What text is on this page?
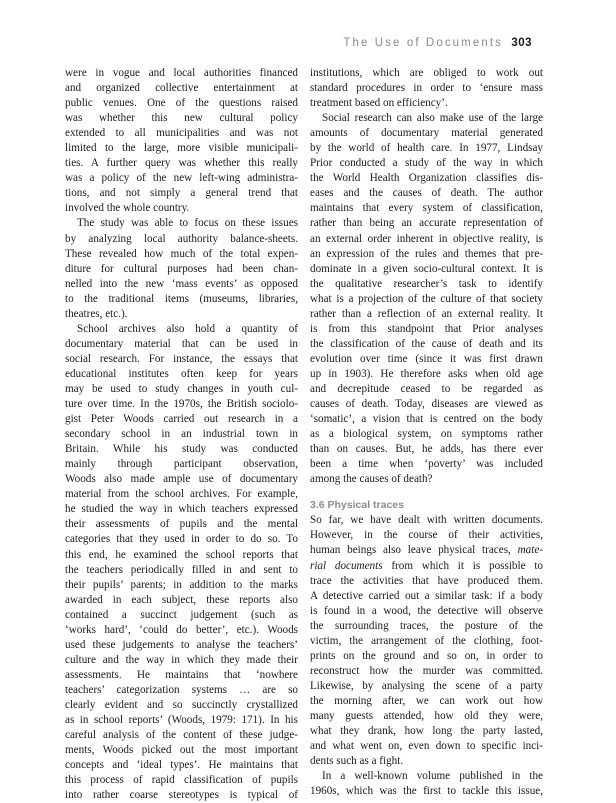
The Use of Documents 303
were in vogue and local authorities financed
and organized collective entertainment at
public venues. One of the questions raised
was whether this new cultural policy
extended to all municipalities and was not
limited to the large, more visible municipali-
ties. A further query was whether this really
was a policy of the new left-wing administra-
tions, and not simply a general trend that
involved the whole country.
The study was able to focus on these issues
by analyzing local authority balance-sheets.
These revealed how much of the total expen-
diture for cultural purposes had been chan-
nelled into the new ‘mass events’ as opposed
to the traditional items (museums, libraries,
theatres, etc.).
School archives also hold a quantity of
documentary material that can be used in
social research. For instance, the essays that
educational institutes often keep for years
may be used to study changes in youth cul-
ture over time. In the 1970s, the British sociolo-
gist Peter Woods carried out research in a
secondary school in an industrial town in
Britain. While his study was conducted
mainly through participant observation,
Woods also made ample use of documentary
material from the school archives. For example,
he studied the way in which teachers expressed
their assessments of pupils and the mental
categories that they used in order to do so. To
this end, he examined the school reports that
the teachers periodically filled in and sent to
their pupils’ parents; in addition to the marks
awarded in each subject, these reports also
contained a succinct judgement (such as
‘works hard’, ‘could do better’, etc.). Woods
used these judgements to analyse the teachers’
culture and the way in which they made their
assessments. He maintains that ‘nowhere
teachers’ categorization systems … are so
clearly evident and so succinctly crystallized
as in school reports’ (Woods, 1979: 171). In his
careful analysis of the content of these judge-
ments, Woods picked out the most important
concepts and ‘ideal types’. He maintains that
this process of rapid classification of pupils
into rather coarse stereotypes is typical of
institutions, which are obliged to work out
standard procedures in order to ‘ensure mass
treatment based on efficiency’.
Social research can also make use of the large
amounts of documentary material generated
by the world of health care. In 1977, Lindsay
Prior conducted a study of the way in which
the World Health Organization classifies dis-
eases and the causes of death. The author
maintains that every system of classification,
rather than being an accurate representation of
an external order inherent in objective reality, is
an expression of the rules and themes that pre-
dominate in a given socio-cultural context. It is
the qualitative researcher’s task to identify
what is a projection of the culture of that society
rather than a reflection of an external reality. It
is from this standpoint that Prior analyses
the classification of the cause of death and its
evolution over time (since it was first drawn
up in 1903). He therefore asks when old age
and decrepitude ceased to be regarded as
causes of death. Today, diseases are viewed as
‘somatic’, a vision that is centred on the body
as a biological system, on symptoms rather
than on causes. But, he adds, has there ever
been a time when ‘poverty’ was included
among the causes of death?
3.6 Physical traces
So far, we have dealt with written documents.
However, in the course of their activities,
human beings also leave physical traces, mate-
rial documents from which it is possible to
trace the activities that have produced them.
A detective carried out a similar task: if a body
is found in a wood, the detective will observe
the surrounding traces, the posture of the
victim, the arrangement of the clothing, foot-
prints on the ground and so on, in order to
reconstruct how the murder was committed.
Likewise, by analysing the scene of a party
the morning after, we can work out how
many guests attended, how old they were,
what they drank, how long the party lasted,
and what went on, even down to specific inci-
dents such as a fight.
In a well-known volume published in the
1960s, which was the first to tackle this issue,
